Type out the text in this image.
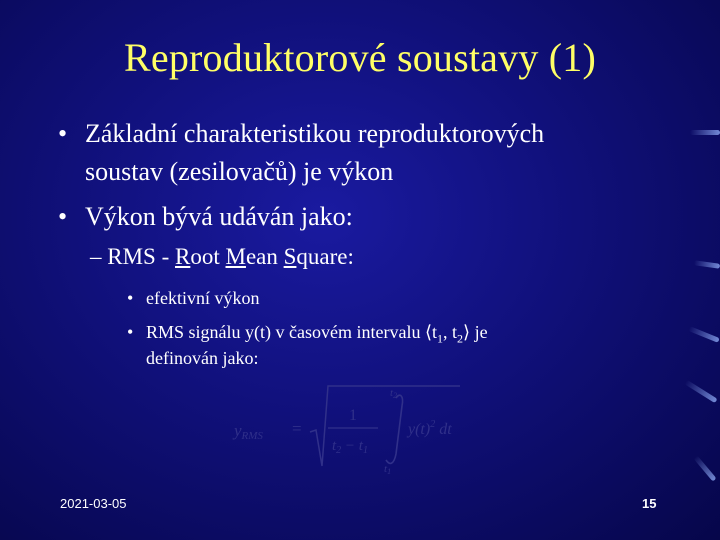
Reproduktorové soustavy (1)
• Základní charakteristikou reproduktorových
soustav (zesilovačů) je výkon
• Výkon bývá udáván jako:
– RMS - Root Mean Square:
• efektivní výkon
• RMS signálu y(t) v časovém intervalu $⟨t_1$, $t_2⟩$ je
definován jako:
yRMS =
1
$t_2 - t_1$
t2
t1
$y(t)^2$ dt
2021-03-05	15
